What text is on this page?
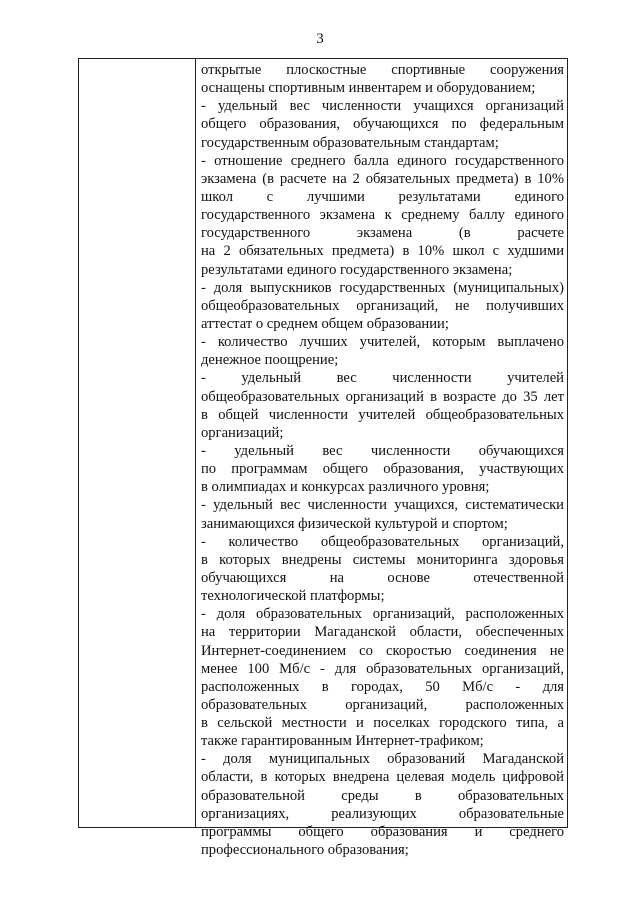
3
открытые плоскостные спортивные сооружения
оснащены спортивным инвентарем и оборудованием;
- удельный вес численности учащихся организаций
общего образования, обучающихся по федеральным
государственным образовательным стандартам;
- отношение среднего балла единого государственного
экзамена (в расчете на 2 обязательных предмета) в 10%
школ с лучшими результатами единого
государственного экзамена к среднему баллу единого
государственного экзамена (в расчете
на 2 обязательных предмета) в 10% школ с худшими
результатами единого государственного экзамена;
- доля выпускников государственных (муниципальных)
общеобразовательных организаций, не получивших
аттестат о среднем общем образовании;
- количество лучших учителей, которым выплачено
денежное поощрение;
- удельный вес численности учителей
общеобразовательных организаций в возрасте до 35 лет
в общей численности учителей общеобразовательных
организаций;
- удельный вес численности обучающихся
по программам общего образования, участвующих
в олимпиадах и конкурсах различного уровня;
- удельный вес численности учащихся, систематически
занимающихся физической культурой и спортом;
- количество общеобразовательных организаций,
в которых внедрены системы мониторинга здоровья
обучающихся на основе отечественной
технологической платформы;
- доля образовательных организаций, расположенных
на территории Магаданской области, обеспеченных
Интернет-соединением со скоростью соединения не
менее 100 Мб/с - для образовательных организаций,
расположенных в городах, 50 Мб/с - для
образовательных организаций, расположенных
в сельской местности и поселках городского типа, а
также гарантированным Интернет-трафиком;
- доля муниципальных образований Магаданской
области, в которых внедрена целевая модель цифровой
образовательной среды в образовательных
организациях, реализующих образовательные
программы общего образования и среднего
профессионального образования;
